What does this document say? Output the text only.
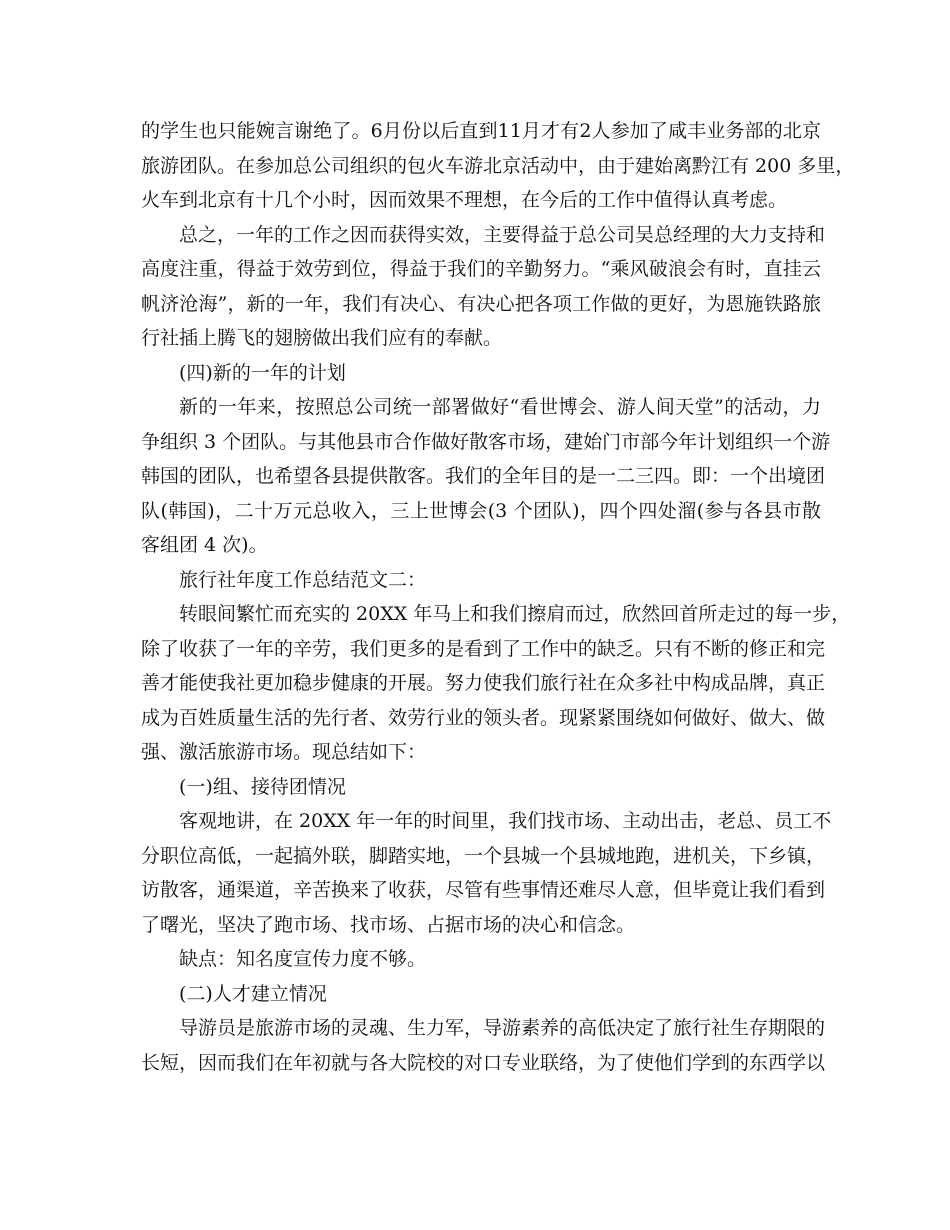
的学生也只能婉言谢绝了。6月份以后直到11月才有2人参加了咸丰业务部的北京
旅游团队。在参加总公司组织的包火车游北京活动中，由于建始离黔江有 200 多里，
火车到北京有十几个小时，因而效果不理想，在今后的工作中值得认真考虑。
总之，一年的工作之因而获得实效，主要得益于总公司吴总经理的大力支持和
高度注重，得益于效劳到位，得益于我们的辛勤努力。“乘风破浪会有时，直挂云
帆济沧海”，新的一年，我们有决心、有决心把各项工作做的更好，为恩施铁路旅
行社插上腾飞的翅膀做出我们应有的奉献。
(四)新的一年的计划
新的一年来，按照总公司统一部署做好“看世博会、游人间天堂”的活动，力
争组织 3 个团队。与其他县市合作做好散客市场，建始门市部今年计划组织一个游
韩国的团队，也希望各县提供散客。我们的全年目的是一二三四。即：一个出境团
队(韩国)，二十万元总收入，三上世博会(3 个团队)，四个四处溜(参与各县市散
客组团 4 次)。
旅行社年度工作总结范文二：
转眼间繁忙而充实的 20XX 年马上和我们擦肩而过，欣然回首所走过的每一步，
除了收获了一年的辛劳，我们更多的是看到了工作中的缺乏。只有不断的修正和完
善才能使我社更加稳步健康的开展。努力使我们旅行社在众多社中构成品牌，真正
成为百姓质量生活的先行者、效劳行业的领头者。现紧紧围绕如何做好、做大、做
强、激活旅游市场。现总结如下：
(一)组、接待团情况
客观地讲，在 20XX 年一年的时间里，我们找市场、主动出击，老总、员工不
分职位高低，一起搞外联，脚踏实地，一个县城一个县城地跑，进机关，下乡镇，
访散客，通渠道，辛苦换来了收获，尽管有些事情还难尽人意，但毕竟让我们看到
了曙光，坚决了跑市场、找市场、占据市场的决心和信念。
缺点：知名度宣传力度不够。
(二)人才建立情况
导游员是旅游市场的灵魂、生力军，导游素养的高低决定了旅行社生存期限的
长短，因而我们在年初就与各大院校的对口专业联络，为了使他们学到的东西学以
